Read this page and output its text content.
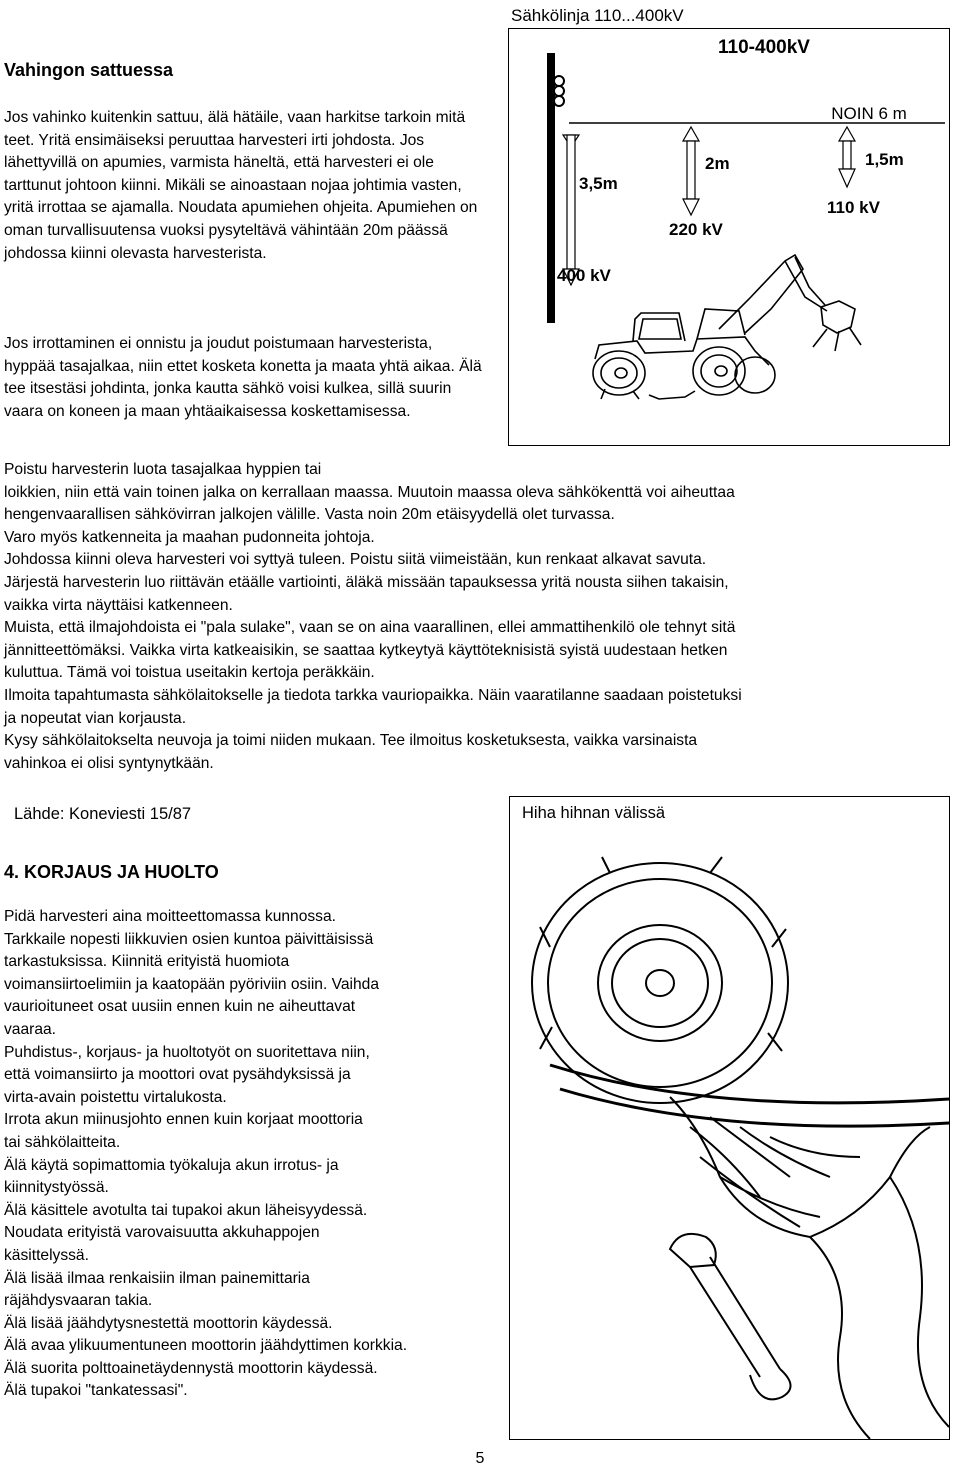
Vahingon sattuessa

Jos vahinko kuitenkin sattuu, älä hätäile, vaan harkitse tarkoin mitä teet. Yritä ensimäiseksi peruuttaa harvesteri irti johdosta. Jos lähettyvillä on apumies, varmista häneltä, että harvesteri ei ole tarttunut johtoon kiinni. Mikäli se ainoastaan nojaa johtimia vasten, yritä irrottaa se ajamalla. Noudata apumiehen ohjeita. Apumiehen on oman turvallisuutensa vuoksi pysyteltävä vähintään 20m päässä johdossa kiinni olevasta harvesterista.

Jos irrottaminen ei onnistu ja joudut poistumaan harvesterista, hyppää tasajalkaa, niin ettet kosketa konetta ja maata yhtä aikaa. Älä tee itsestäsi johdinta, jonka kautta sähkö voisi kulkea, sillä suurin vaara on koneen ja maan yhtäaikaisessa koskettamisessa.

Sähkölinja 110...400kV
110-400kV
NOIN 6 m
3,5m
400 kV
2m
220 kV
1,5m
110 kV
Poistu harvesterin luota tasajalkaa hyppien tai
loikkien, niin että vain toinen jalka on kerrallaan maassa. Muutoin maassa oleva sähkökenttä voi aiheuttaa
hengenvaarallisen sähkövirran jalkojen välille. Vasta noin 20m etäisyydellä olet turvassa.
Varo myös katkenneita ja maahan pudonneita johtoja.
Johdossa kiinni oleva harvesteri voi syttyä tuleen. Poistu siitä viimeistään, kun renkaat alkavat savuta.
Järjestä harvesterin luo riittävän etäälle vartiointi, äläkä missään tapauksessa yritä nousta siihen takaisin,
vaikka virta näyttäisi katkenneen.
Muista, että ilmajohdoista ei "pala sulake", vaan se on aina vaarallinen, ellei ammattihenkilö ole tehnyt sitä
jännitteettömäksi. Vaikka virta katkeaisikin, se saattaa kytkeytyä käyttöteknisistä syistä uudestaan hetken
kuluttua. Tämä voi toistua useitakin kertoja peräkkäin.
Ilmoita tapahtumasta sähkölaitokselle ja tiedota tarkka vauriopaikka. Näin vaaratilanne saadaan poistetuksi
ja nopeutat vian korjausta.
Kysy sähkölaitokselta neuvoja ja toimi niiden mukaan. Tee ilmoitus kosketuksesta, vaikka varsinaista
vahinkoa ei olisi syntynytkään.
Lähde: Koneviesti 15/87
4. KORJAUS JA HUOLTO
Pidä harvesteri aina moitteettomassa kunnossa.
Tarkkaile nopesti liikkuvien osien kuntoa päivittäisissä
tarkastuksissa. Kiinnitä erityistä huomiota
voimansiirtoelimiin ja kaatopään pyöriviin osiin. Vaihda
vaurioituneet osat uusiin ennen kuin ne aiheuttavat
vaaraa.
Puhdistus-, korjaus- ja huoltotyöt on suoritettava niin,
että voimansiirto ja moottori ovat pysähdyksissä ja
virta-avain poistettu virtalukosta.
Irrota akun miinusjohto ennen kuin korjaat moottoria
tai sähkölaitteita.
Älä käytä sopimattomia työkaluja akun irrotus- ja
kiinnitystyössä.
Älä käsittele avotulta tai tupakoi akun läheisyydessä.
Noudata erityistä varovaisuutta akkuhappojen
käsittelyssä.
Älä lisää ilmaa renkaisiin ilman painemittaria
räjähdysvaaran takia.
Älä lisää jäähdytysnestettä moottorin käydessä.
Älä avaa ylikuumentuneen moottorin jäähdyttimen korkkia.
Älä suorita polttoainetäydennystä moottorin käydessä.
Älä tupakoi "tankatessasi".
Hiha hihnan välissä
5
